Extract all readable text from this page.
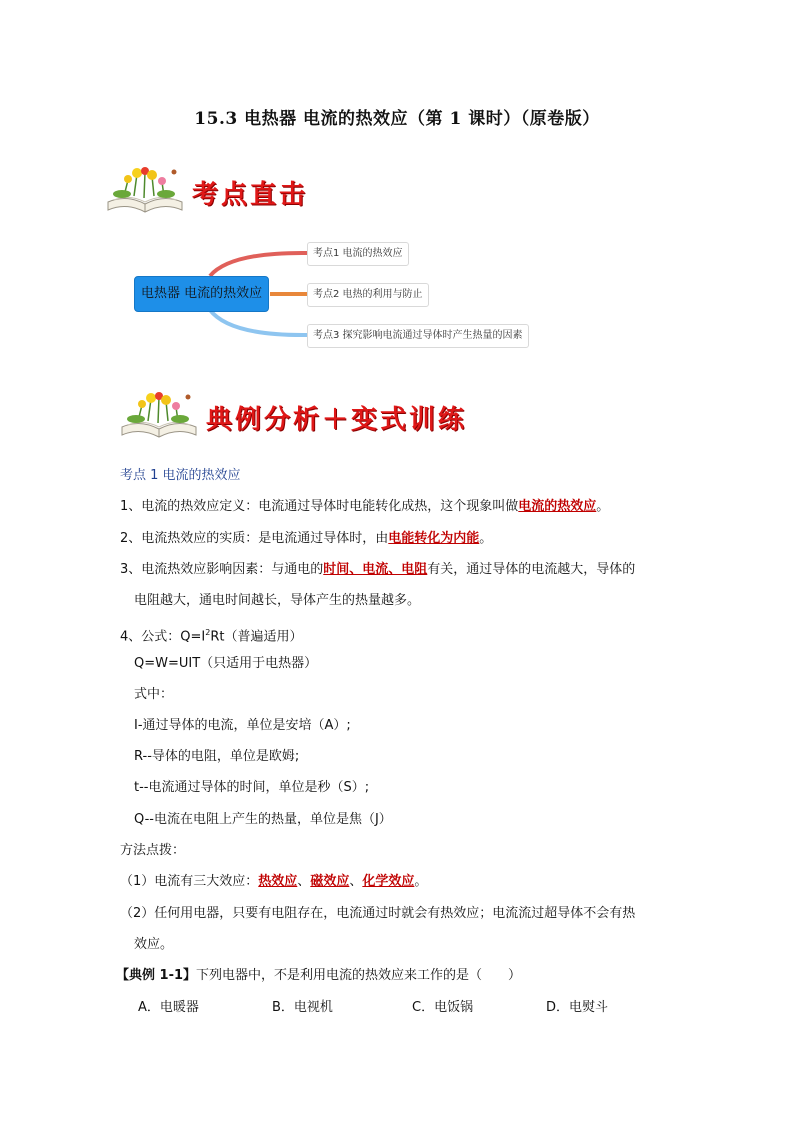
15.3 电热器 电流的热效应（第 1 课时）（原卷版）
考点直击
电热器 电流的热效应
考点1 电流的热效应
考点2 电热的利用与防止
考点3 探究影响电流通过导体时产生热量的因素
典例分析＋变式训练
考点 1 电流的热效应
1、电流的热效应定义：电流通过导体时电能转化成热，这个现象叫做电流的热效应。
2、电流热效应的实质：是电流通过导体时，由电能转化为内能。
3、电流热效应影响因素：与通电的时间、电流、电阻有关，通过导体的电流越大，导体的
电阻越大，通电时间越长，导体产生的热量越多。
4、公式：$Q=I^2Rt$（普遍适用）
Q=W=UIT（只适用于电热器）
式中：
I-通过导体的电流，单位是安培（A）;
R--导体的电阻，单位是欧姆;
t--电流通过导体的时间，单位是秒（S）;
Q--电流在电阻上产生的热量，单位是焦（J）
方法点拨：
（1）电流有三大效应：热效应、磁效应、化学效应。
（2）任何用电器，只要有电阻存在，电流通过时就会有热效应；电流流过超导体不会有热
效应。
【典例 1-1】下列电器中，不是利用电流的热效应来工作的是（　　）
A．电暖器	B．电视机	C．电饭锅	D．电熨斗
